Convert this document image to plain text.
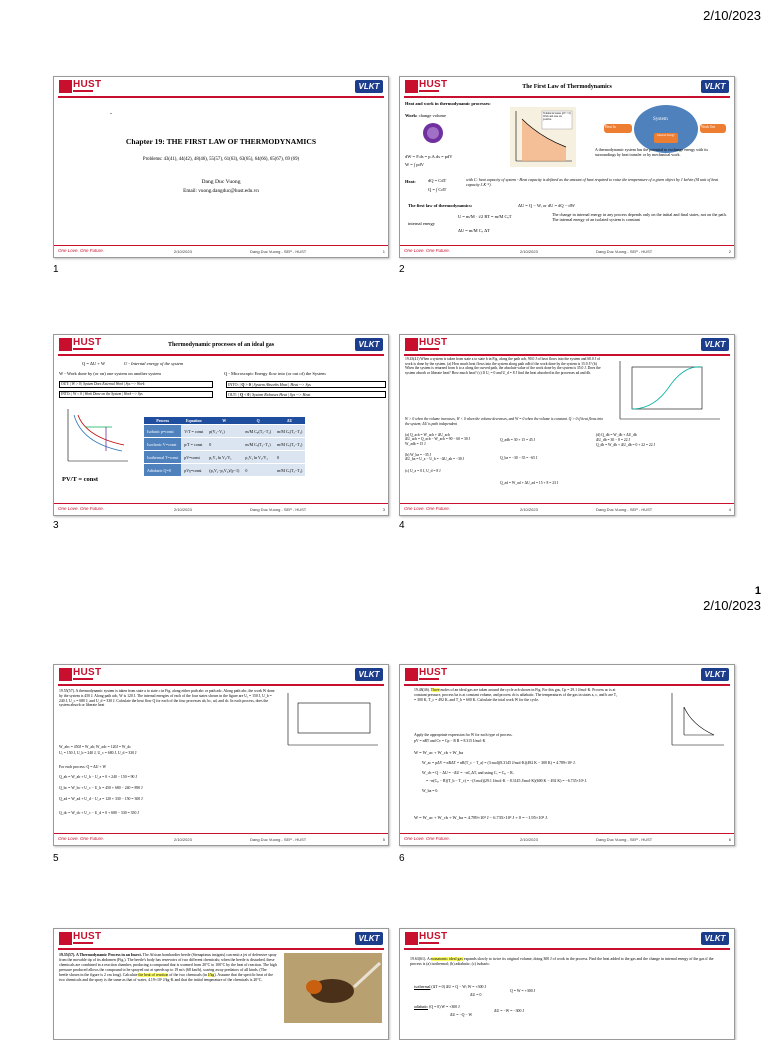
2/10/2023
HUST	VLKT
.
Chapter 19: THE FIRST LAW OF THERMODYNAMICS
Problems: 43(41), 44(42), 48(46), 55(57), 61(63), 63(65), 64(66), 65(67), 69 (69)
Dang Duc Vuong
Email: vuong.dangduc@hust.edu.vn
One Love. One Future.	2/10/2023	Dang Duc Vuong - SEP - HUST	1
1
HUST	VLKT
The First Law of Thermodynamics
Heat and work in thermodynamic processes:
Work: change volume
dW = F.ds = p.A.ds = pdV
W = ∫ pdV
Volume increases (dV > 0) Work and area are positive.
Heat In	Work Out
System
Internal Energy
A thermodynamic system has the potential to exchange energy with its surroundings by heat transfer or by mechanical work.
Heat:	dQ = CdT
Q = ∫ CdT
with C: heat capacity of system - Heat capacity is defined as the amount of heat required to raise the temperature of a given object by 1 kelvin (SI unit of heat capacity J.K⁻¹).
The first law of thermodynamics:	ΔU = Q − W, or dU = dQ − dW
internal energy
U = m/M · i/2 RT = m/M CᵥT
ΔU = m/M Cᵥ ΔT
The change in internal energy in any process depends only on the initial and final states, not on the path. The internal energy of an isolated system is constant
One Love. One Future.	2/10/2023	Dang Duc Vuong - SEP - HUST	2
2
HUST	VLKT
Thermodynamic processes of an ideal gas
Q = ΔU + W	U - Internal energy of the system
W - Work done by (or on) one system on another system	Q - Microscopic Energy flow into (or out of) the System
OUT: | W > 0 | System Does External Work | Sys --> Work
INTO: | W < 0 | Work Done on the System | Work --> Sys
INTO: | Q > 0 | System Absorbs Heat | Heat --> Sys
OUT: | Q < 0 | System Releases Heat | Sys --> Heat
Process	Equation	W	Q	ΔU
Isobaric p=const	V/T = const	p(V₂−V₁)	m/M Cₚ(T₂−T₁)	m/M Cᵥ(T₂−T₁)
Isochoric V=const	p/T = const	0	m/M Cᵥ(T₂−T₁)	m/M Cᵥ(T₂−T₁)
Isothermal T=const	pV=const	p₁V₁ ln V₂/V₁	p₁V₁ ln V₂/V₁	0
Adiabatic Q=0	pVγ=const	(p₁V₁−p₂V₂)/(γ−1)	0	m/M Cᵥ(T₂−T₁)
PV/T = const
One Love. One Future.	2/10/2023	Dang Duc Vuong - SEP - HUST	3
3
HUST	VLKT
19.43(41) When a system is taken from state a to state b in Fig. along the path acb, 90.0 J of heat flows into the system and 60.0 J of work is done by the system. (a) How much heat flows into the system along path adb if the work done by the system is 15.0 J? (b) When the system is returned from b to a along the curved path, the absolute value of the work done by the system is 35.0 J. Does the system absorb or liberate heat? How much heat? (c) If Uₐ = 0 and U_d = 8 J find the heat absorbed in the processes ad and db.
W > 0 when the volume increases, W < 0 when the volume decreases, and W = 0 when the volume is constant. Q > 0 if heat flows into the system; ΔU is path independent
(a) Q_acb = W_acb + ΔU_acb
ΔU_acb = Q_acb − W_acb = 90 − 60 = 30 J
W_adb = 15 J
Q_adb = 30 + 15 = 45 J
(b) W_ba = −35 J
ΔU_ba = U_a − U_b = −ΔU_ab = −30 J	Q_ba = −30 − 35 = −65 J
(c) U_a = 0 J, U_d = 8 J
Q_ad = W_ad + ΔU_ad = 15 + 8 = 23 J
(d) Q_db = W_db + ΔU_db
ΔU_db = 30 − 8 = 22 J
Q_db = W_db + ΔU_db = 0 + 22 = 22 J
One Love. One Future.	2/10/2023	Dang Duc Vuong - SEP - HUST	4
4
1
2/10/2023
HUST	VLKT
19.55(57). A thermodynamic system is taken from state a to state c in Fig. along either path abc or path adc. Along path abc, the work W done by the system is 450 J. Along path adc, W is 120 J. The internal energies of each of the four states shown in the figure are Uₐ = 150 J, U_b = 240 J, U_c = 680 J, and U_d = 330 J. Calculate the heat flow Q for each of the four processes ab, bc, ad, and dc. In each process, does the system absorb or liberate heat
W_abc = 450J = W_ab; W_adc = 120J = W_dc
Uₐ = 150 J, U_b = 240 J, U_c = 680 J, U_d = 330 J
For each process: Q = ΔU + W
Q_ab = W_ab + U_b − U_a = 0 + 240 − 150 = 90 J
Q_bc = W_bc + U_c − U_b = 450 + 680 − 240 = 890 J
Q_ad = W_ad + U_d − U_a = 120 + 330 − 150 = 300 J
Q_dc = W_dc + U_c − U_d = 0 + 680 − 330 = 350 J
One Love. One Future.	2/10/2023	Dang Duc Vuong - SEP - HUST	5
5
HUST	VLKT
19.48(46). Three moles of an ideal gas are taken around the cycle acb shown in Fig. For this gas, Cp = 29.1 J/mol·K. Process ac is at constant pressure, process ba is at constant volume, and process cb is adiabatic. The temperatures of the gas in states a, c, and b are Tₐ = 300 K, T_c = 492 K, and T_b = 600 K. Calculate the total work W for the cycle.
Apply the appropriate expression for W for each type of process.
pV = nRT and Cv = Cp − R R = 8.315 J/mol·K
W = W_ac + W_cb + W_ba
W_ac = pΔV = nRΔT = nR(T_c − T_a) = (3 mol)(8.3145 J/mol·K)(492 K − 300 K) = 4.789×10³ J.
W_cb = Q − ΔU = −ΔU = −nCᵥΔT, and using Cᵥ = Cₚ − R,
= −n(Cₚ − R)(T_b − T_c) = −(3 mol)(29.1 J/mol·K − 8.3145 J/mol·K)(600 K − 492 K) = −6.735×10³ J.
W_ba = 0.
W = W_ac + W_cb + W_ba = 4.789×10³ J − 6.735×10³ J + 0 = −1.95×10³ J.
One Love. One Future.	2/10/2023	Dang Duc Vuong - SEP - HUST	6
6
HUST	VLKT
19.55(57). A Thermodynamic Process in an Insect. The African bombardier beetle (Stenaptinus insignis) can emit a jet of defensive spray from the movable tip of its abdomen (Fig.). The beetle's body has reservoirs of two different chemicals; when the beetle is disturbed, these chemicals are combined in a reaction chamber, producing a compound that is warmed from 20°C to 100°C by the heat of reaction. The high pressure produced allows the compound to be sprayed out at speeds up to 19 m/s (68 km/h), scaring away predators of all kinds. (The beetle shown in the figure is 2 cm long). Calculate the heat of reaction of the two chemicals (in J/kg). Assume that the specific heat of the two chemicals and the spray is the same as that of water, 4.19×10³ J/kg·K and that the initial temperature of the chemicals is 20°C.
HUST	VLKT
19.63(61). A monatomic ideal gas expands slowly to twice its original volume, doing 300 J of work in the process. Find the heat added to the gas and the change in internal energy of the gas if the process is (a) isothermal; (b) adiabatic; (c) isobaric.
isothermal (ΔT = 0) ΔU = Q − W; W = +300 J
Q = W = +300 J
ΔU = 0
adiabatic (Q = 0) W = +300 J
ΔU = −W = −300 J
ΔU = −Q − W
